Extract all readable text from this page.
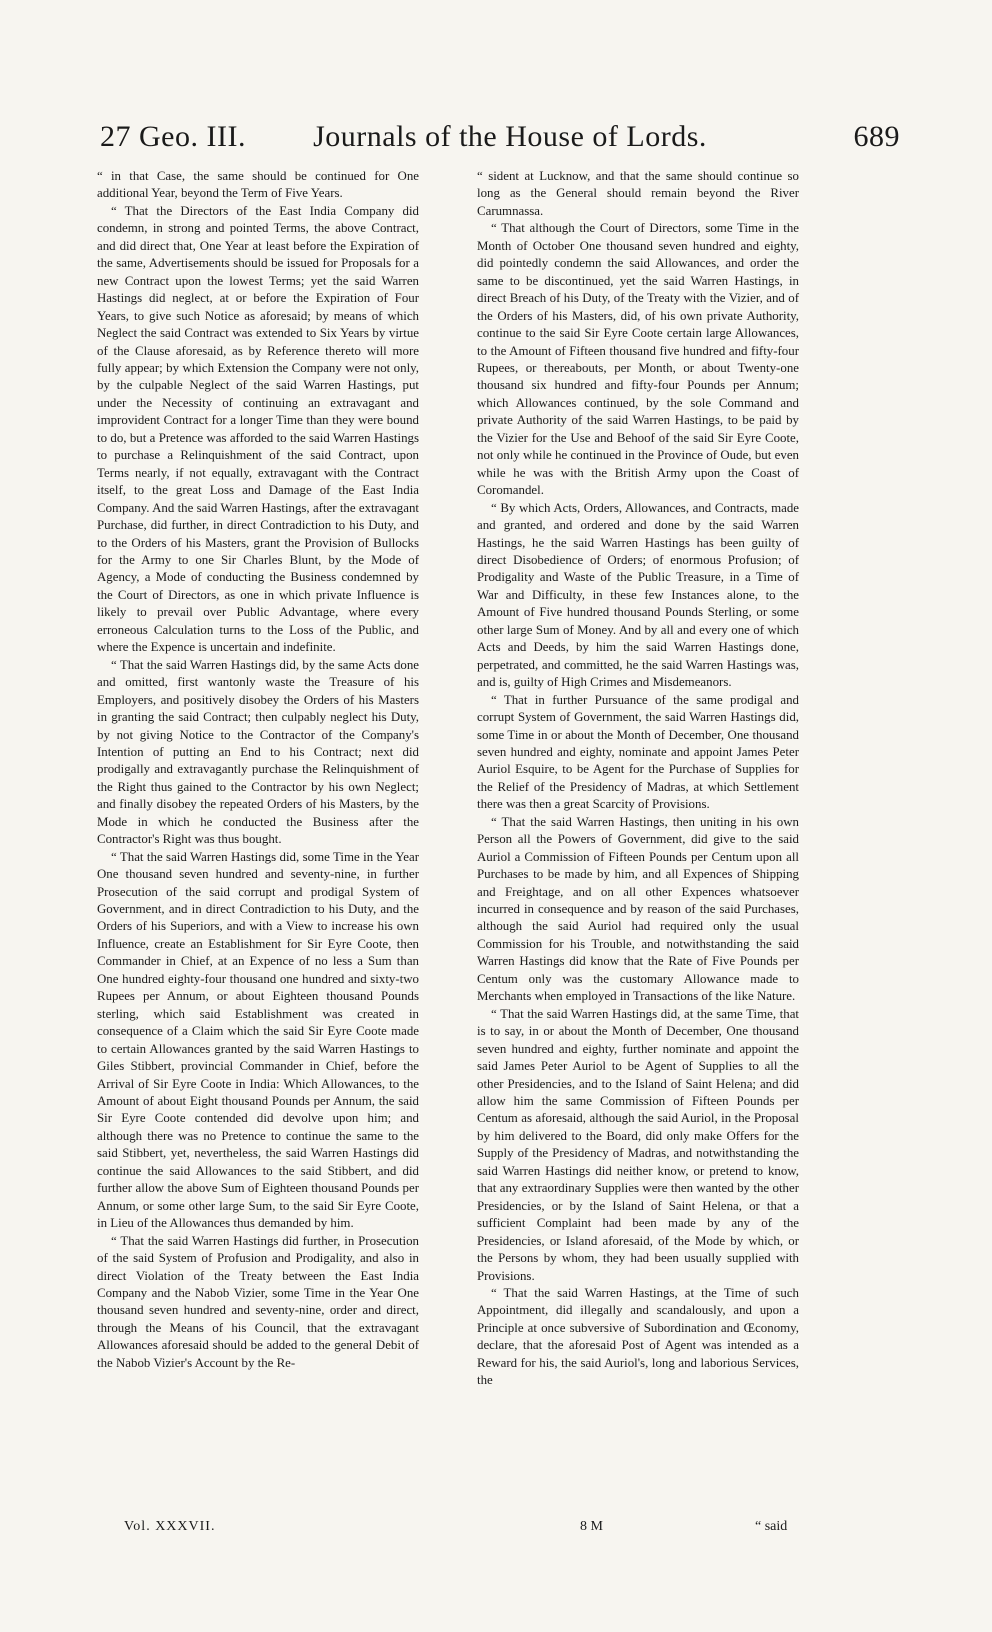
27 Geo. III.	Journals of the House of Lords.	689

“ in that Case, the same should be continued for One additional Year, beyond the Term of Five Years.

“ That the Directors of the East India Company did condemn, in strong and pointed Terms, the above Contract, and did direct that, One Year at least before the Expiration of the same, Advertisements should be issued for Proposals for a new Contract upon the lowest Terms; yet the said Warren Hastings did neglect, at or before the Expiration of Four Years, to give such Notice as aforesaid; by means of which Neglect the said Contract was extended to Six Years by virtue of the Clause aforesaid, as by Reference thereto will more fully appear; by which Extension the Company were not only, by the culpable Neglect of the said Warren Hastings, put under the Necessity of continuing an extravagant and improvident Contract for a longer Time than they were bound to do, but a Pretence was afforded to the said Warren Hastings to purchase a Relinquishment of the said Contract, upon Terms nearly, if not equally, extravagant with the Contract itself, to the great Loss and Damage of the East India Company. And the said Warren Hastings, after the extravagant Purchase, did further, in direct Contradiction to his Duty, and to the Orders of his Masters, grant the Provision of Bullocks for the Army to one Sir Charles Blunt, by the Mode of Agency, a Mode of conducting the Business condemned by the Court of Directors, as one in which private Influence is likely to prevail over Public Advantage, where every erroneous Calculation turns to the Loss of the Public, and where the Expence is uncertain and indefinite.

“ That the said Warren Hastings did, by the same Acts done and omitted, first wantonly waste the Treasure of his Employers, and positively disobey the Orders of his Masters in granting the said Contract; then culpably neglect his Duty, by not giving Notice to the Contractor of the Company's Intention of putting an End to his Contract; next did prodigally and extravagantly purchase the Relinquishment of the Right thus gained to the Contractor by his own Neglect; and finally disobey the repeated Orders of his Masters, by the Mode in which he conducted the Business after the Contractor's Right was thus bought.

“ That the said Warren Hastings did, some Time in the Year One thousand seven hundred and seventy-nine, in further Prosecution of the said corrupt and prodigal System of Government, and in direct Contradiction to his Duty, and the Orders of his Superiors, and with a View to increase his own Influence, create an Establishment for Sir Eyre Coote, then Commander in Chief, at an Expence of no less a Sum than One hundred eighty-four thousand one hundred and sixty-two Rupees per Annum, or about Eighteen thousand Pounds sterling, which said Establishment was created in consequence of a Claim which the said Sir Eyre Coote made to certain Allowances granted by the said Warren Hastings to Giles Stibbert, provincial Commander in Chief, before the Arrival of Sir Eyre Coote in India: Which Allowances, to the Amount of about Eight thousand Pounds per Annum, the said Sir Eyre Coote contended did devolve upon him; and although there was no Pretence to continue the same to the said Stibbert, yet, nevertheless, the said Warren Hastings did continue the said Allowances to the said Stibbert, and did further allow the above Sum of Eighteen thousand Pounds per Annum, or some other large Sum, to the said Sir Eyre Coote, in Lieu of the Allowances thus demanded by him.

“ That the said Warren Hastings did further, in Prosecution of the said System of Profusion and Prodigality, and also in direct Violation of the Treaty between the East India Company and the Nabob Vizier, some Time in the Year One thousand seven hundred and seventy-nine, order and direct, through the Means of his Council, that the extravagant Allowances aforesaid should be added to the general Debit of the Nabob Vizier's Account by the Re-

“ sident at Lucknow, and that the same should continue so long as the General should remain beyond the River Carumnassa.

“ That although the Court of Directors, some Time in the Month of October One thousand seven hundred and eighty, did pointedly condemn the said Allowances, and order the same to be discontinued, yet the said Warren Hastings, in direct Breach of his Duty, of the Treaty with the Vizier, and of the Orders of his Masters, did, of his own private Authority, continue to the said Sir Eyre Coote certain large Allowances, to the Amount of Fifteen thousand five hundred and fifty-four Rupees, or thereabouts, per Month, or about Twenty-one thousand six hundred and fifty-four Pounds per Annum; which Allowances continued, by the sole Command and private Authority of the said Warren Hastings, to be paid by the Vizier for the Use and Behoof of the said Sir Eyre Coote, not only while he continued in the Province of Oude, but even while he was with the British Army upon the Coast of Coromandel.

“ By which Acts, Orders, Allowances, and Contracts, made and granted, and ordered and done by the said Warren Hastings, he the said Warren Hastings has been guilty of direct Disobedience of Orders; of enormous Profusion; of Prodigality and Waste of the Public Treasure, in a Time of War and Difficulty, in these few Instances alone, to the Amount of Five hundred thousand Pounds Sterling, or some other large Sum of Money. And by all and every one of which Acts and Deeds, by him the said Warren Hastings done, perpetrated, and committed, he the said Warren Hastings was, and is, guilty of High Crimes and Misdemeanors.

“ That in further Pursuance of the same prodigal and corrupt System of Government, the said Warren Hastings did, some Time in or about the Month of December, One thousand seven hundred and eighty, nominate and appoint James Peter Auriol Esquire, to be Agent for the Purchase of Supplies for the Relief of the Presidency of Madras, at which Settlement there was then a great Scarcity of Provisions.

“ That the said Warren Hastings, then uniting in his own Person all the Powers of Government, did give to the said Auriol a Commission of Fifteen Pounds per Centum upon all Purchases to be made by him, and all Expences of Shipping and Freightage, and on all other Expences whatsoever incurred in consequence and by reason of the said Purchases, although the said Auriol had required only the usual Commission for his Trouble, and notwithstanding the said Warren Hastings did know that the Rate of Five Pounds per Centum only was the customary Allowance made to Merchants when employed in Transactions of the like Nature.

“ That the said Warren Hastings did, at the same Time, that is to say, in or about the Month of December, One thousand seven hundred and eighty, further nominate and appoint the said James Peter Auriol to be Agent of Supplies to all the other Presidencies, and to the Island of Saint Helena; and did allow him the same Commission of Fifteen Pounds per Centum as aforesaid, although the said Auriol, in the Proposal by him delivered to the Board, did only make Offers for the Supply of the Presidency of Madras, and notwithstanding the said Warren Hastings did neither know, or pretend to know, that any extraordinary Supplies were then wanted by the other Presidencies, or by the Island of Saint Helena, or that a sufficient Complaint had been made by any of the Presidencies, or Island aforesaid, of the Mode by which, or the Persons by whom, they had been usually supplied with Provisions.

“ That the said Warren Hastings, at the Time of such Appointment, did illegally and scandalously, and upon a Principle at once subversive of Subordination and Œconomy, declare, that the aforesaid Post of Agent was intended as a Reward for his, the said Auriol's, long and laborious Services, the

Vol. XXXVII.	8 M	“ said
